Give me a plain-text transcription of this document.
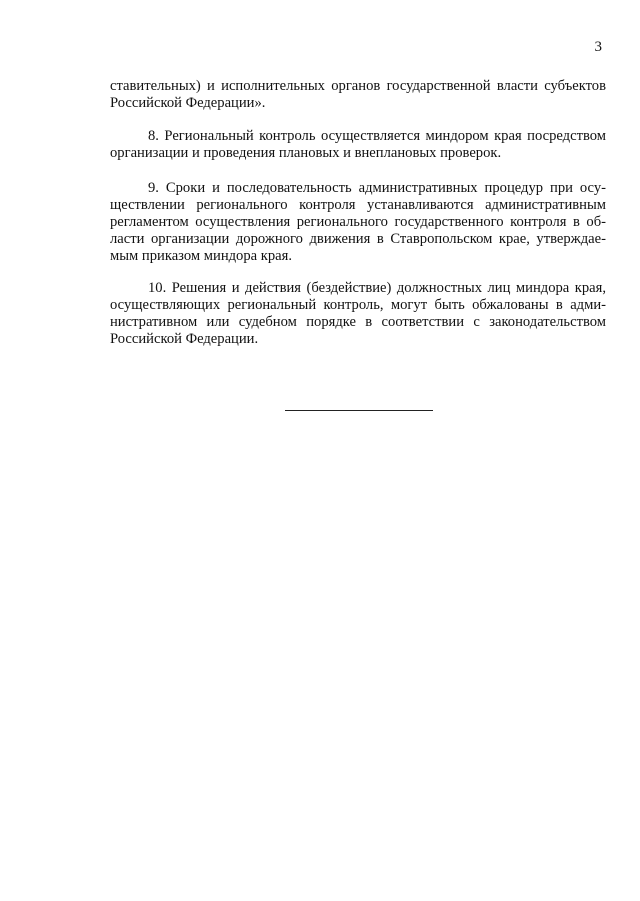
3
ставительных) и исполнительных органов государственной власти субъектов
Российской Федерации».
8. Региональный контроль осуществляется миндором края посредством
организации и проведения плановых и внеплановых проверок.
9. Сроки и последовательность административных процедур при осу-
ществлении регионального контроля устанавливаются административным
регламентом осуществления регионального государственного контроля в об-
ласти организации дорожного движения в Ставропольском крае, утверждае-
мым приказом миндора края.
10. Решения и действия (бездействие) должностных лиц миндора края,
осуществляющих региональный контроль, могут быть обжалованы в адми-
нистративном или судебном порядке в соответствии с законодательством
Российской Федерации.
